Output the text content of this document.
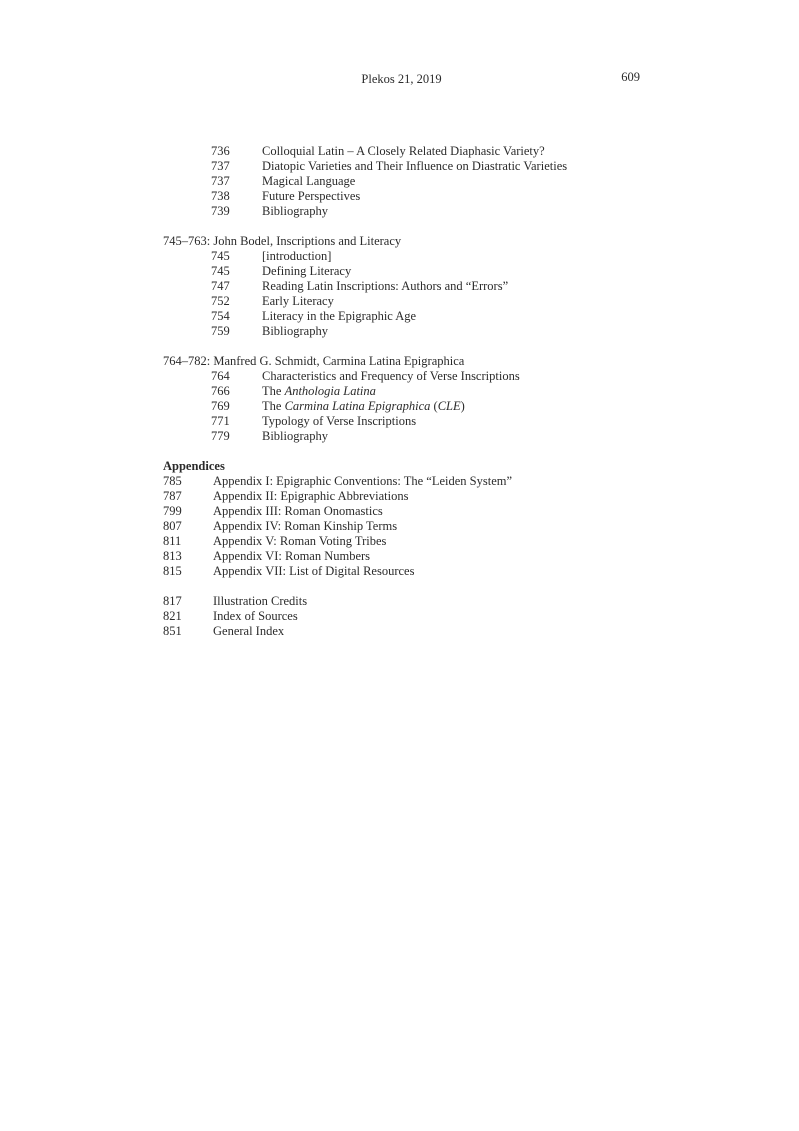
Plekos 21, 2019	609
736	Colloquial Latin – A Closely Related Diaphasic Variety?
737	Diatopic Varieties and Their Influence on Diastratic Varieties
737	Magical Language
738	Future Perspectives
739	Bibliography
745–763: John Bodel, Inscriptions and Literacy
745	[introduction]
745	Defining Literacy
747	Reading Latin Inscriptions: Authors and “Errors”
752	Early Literacy
754	Literacy in the Epigraphic Age
759	Bibliography
764–782: Manfred G. Schmidt, Carmina Latina Epigraphica
764	Characteristics and Frequency of Verse Inscriptions
766	The Anthologia Latina
769	The Carmina Latina Epigraphica (CLE)
771	Typology of Verse Inscriptions
779	Bibliography
Appendices
785	Appendix I: Epigraphic Conventions: The “Leiden System”
787	Appendix II: Epigraphic Abbreviations
799	Appendix III: Roman Onomastics
807	Appendix IV: Roman Kinship Terms
811	Appendix V: Roman Voting Tribes
813	Appendix VI: Roman Numbers
815	Appendix VII: List of Digital Resources
817	Illustration Credits
821	Index of Sources
851	General Index
